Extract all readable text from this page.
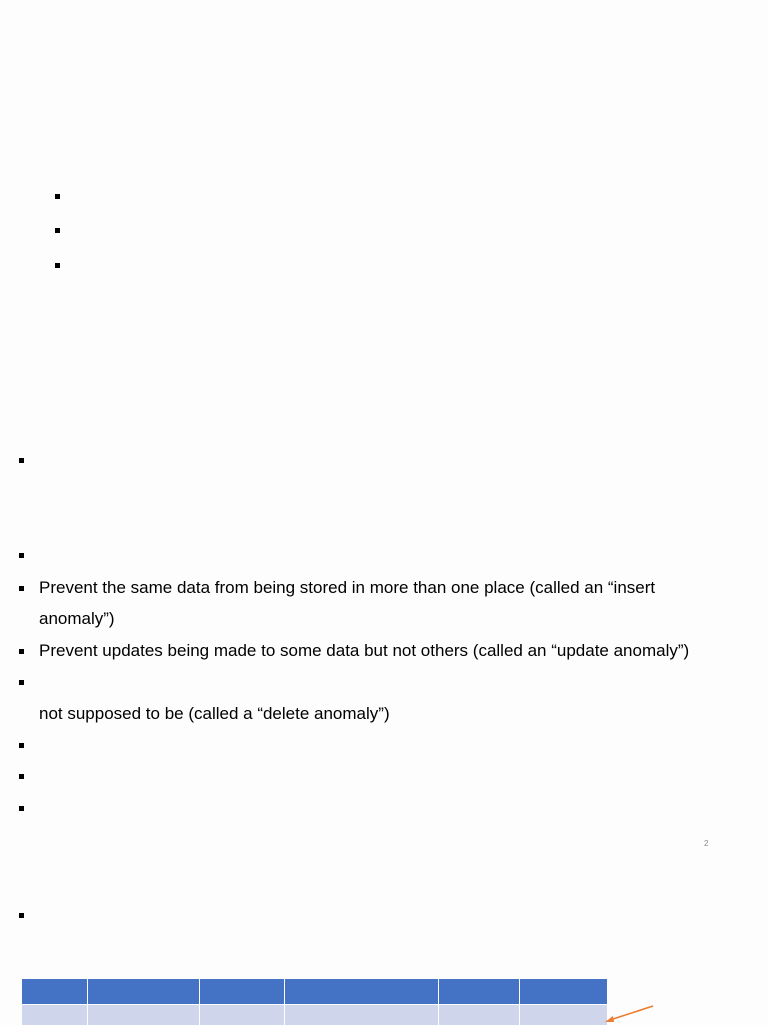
Prevent the same data from being stored in more than one place (called an “insert
anomaly”)
Prevent updates being made to some data but not others (called an “update anomaly”)
not supposed to be (called a “delete anomaly”)
2
